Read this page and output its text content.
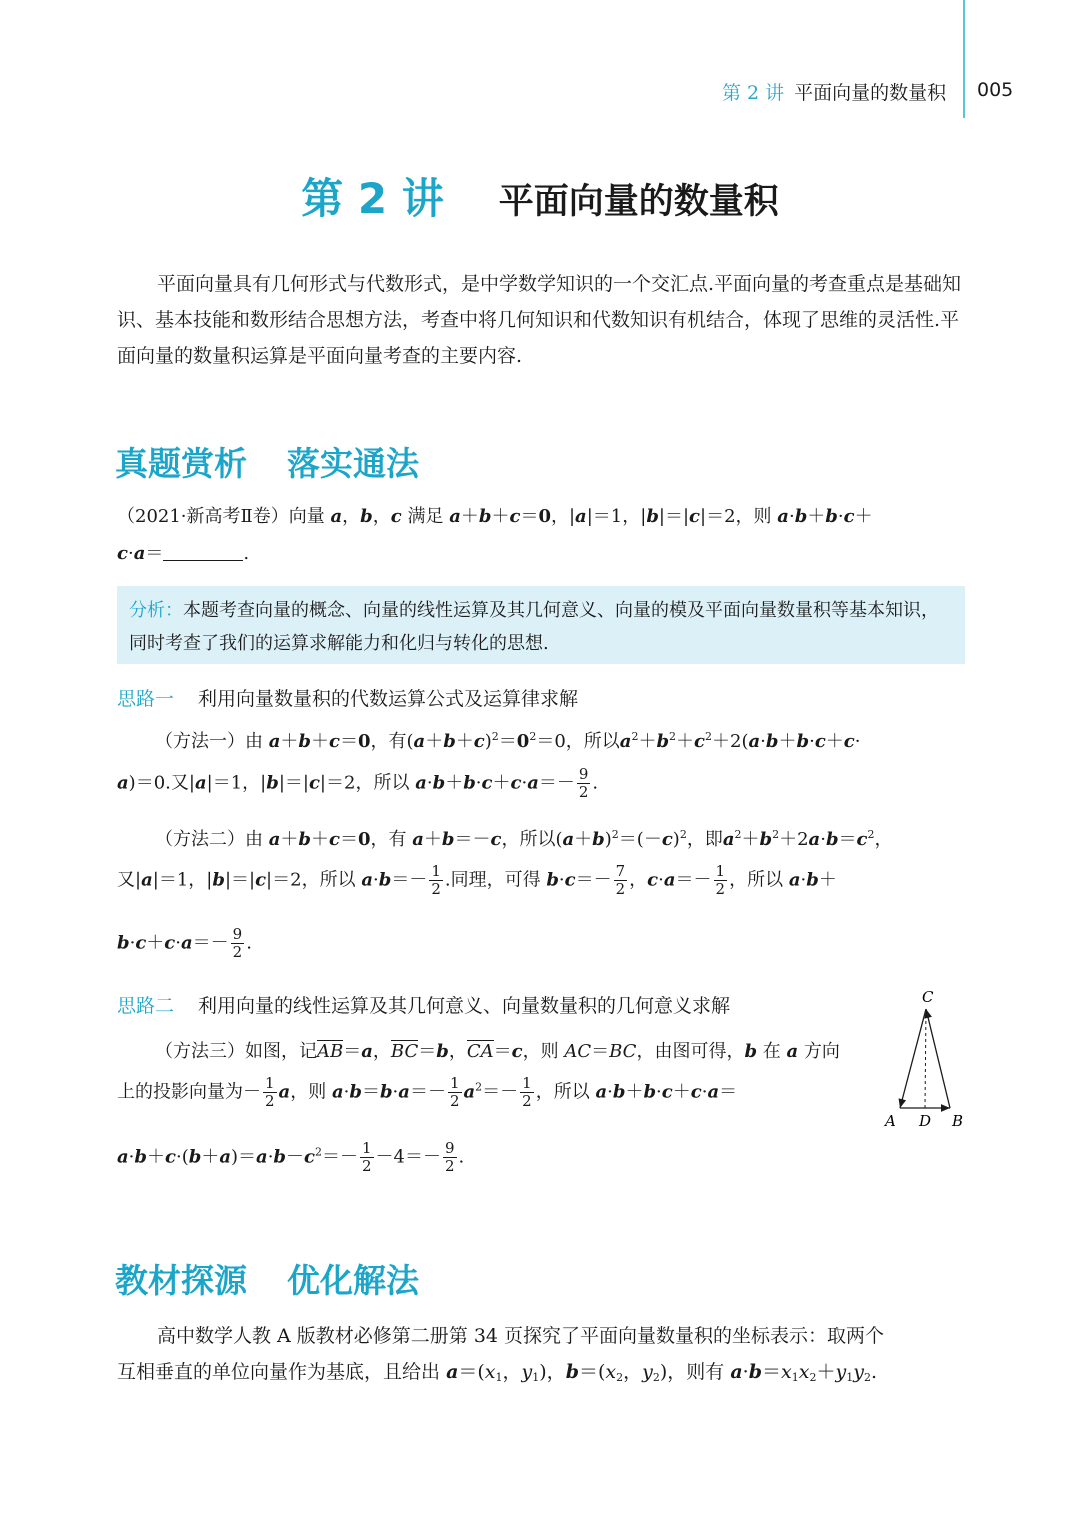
第 2 讲 平面向量的数量积 005
第 2 讲 平面向量的数量积
平面向量具有几何形式与代数形式，是中学数学知识的一个交汇点.平面向量的考查重点是基础知识、基本技能和数形结合思想方法，考查中将几何知识和代数知识有机结合，体现了思维的灵活性.平面向量的数量积运算是平面向量考查的主要内容.
真题赏析 落实通法
（2021·新高考Ⅱ卷）向量 a，b，c 满足 a＋b＋c＝0，|a|＝1，|b|＝|c|＝2，则 a·b＋b·c＋
c·a＝	.
分析：本题考查向量的概念、向量的线性运算及其几何意义、向量的模及平面向量数量积等基本知识，同时考查了我们的运算求解能力和化归与转化的思想.
思路一 利用向量数量积的代数运算公式及运算律求解
（方法一）由 a＋b＋c＝0，有$(a+b+c)^2=0^2=0$，所以$a^2+b^2+c^2+2(a\cdot b+b\cdot c+c\cdot$
a)＝0.又|a|＝1，|b|＝|c|＝2，所以 $a\cdot b+b\cdot c+c\cdot a=- \frac{9}{2}$ .
（方法二）由 a＋b＋c＝0，有 a＋b＝－c，所以$(a+b)^2=(-c)^2$，即$a^2+b^2+2a\cdot b=c^2$，
又|a|＝1，|b|＝|c|＝2，所以 $a\cdot b=- \frac{1}{2}$ .同理，可得 $b\cdot c=- \frac{7}{2}$ ，$c\cdot a=- \frac{1}{2}$ ，所以 a·b＋
$b\cdot c+c\cdot a=- \frac{9}{2}$ .
思路二 利用向量的线性运算及其几何意义、向量数量积的几何意义求解
（方法三）如图，记AB＝a，BC＝b，CA＝c，则 AC＝BC，由图可得，b 在 a 方向
上的投影向量为－ $\frac{1}{2}$ a，则 $a\cdot b=b\cdot a=- \frac{1}{2} a^2=- \frac{1}{2}$ ，所以 a·b＋b·c＋c·a＝
$a\cdot b+c\cdot(b+a)=a\cdot b-c^2=- \frac{1}{2} -4=- \frac{9}{2}$ .
C
A D B
教材探源 优化解法
高中数学人教 A 版教材必修第二册第 34 页探究了平面向量数量积的坐标表示：取两个
互相垂直的单位向量作为基底，且给出 $a=(x_1$，$y_1$)，$b=(x_2$，$y_2$)，则有 $a\cdot b=x_1x_2+y_1y_2$.
